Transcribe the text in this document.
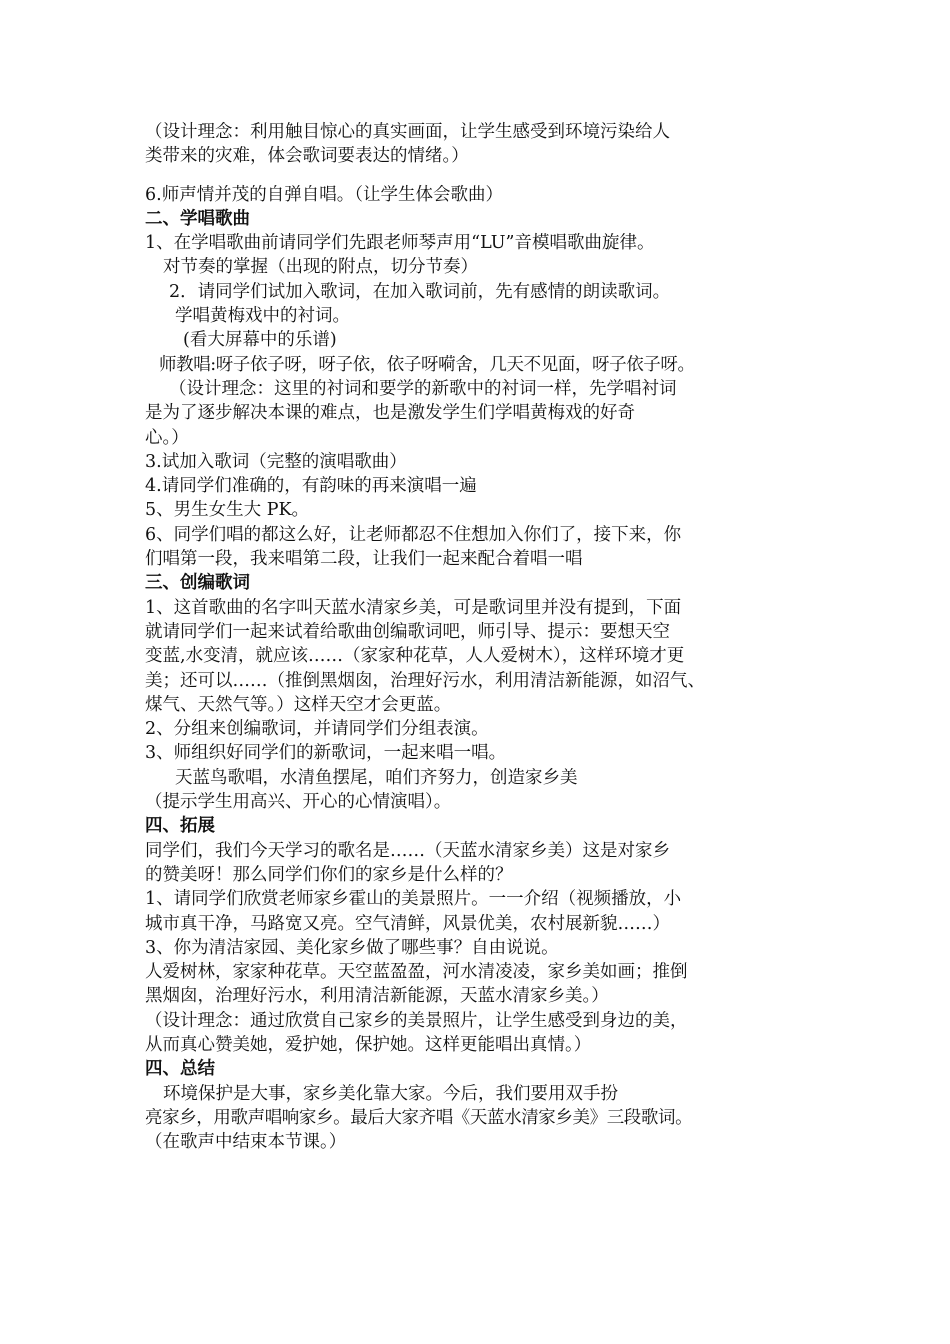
（设计理念：利用触目惊心的真实画面，让学生感受到环境污染给人

类带来的灾难，体会歌词要表达的情绪。）

6.师声情并茂的自弹自唱。（让学生体会歌曲）

二、学唱歌曲

1、在学唱歌曲前请同学们先跟老师琴声用“LU”音模唱歌曲旋律。

对节奏的掌握（出现的附点，切分节奏）

2．请同学们试加入歌词，在加入歌词前，先有感情的朗读歌词。

学唱黄梅戏中的衬词。

(看大屏幕中的乐谱)

师教唱:呀子依子呀，呀子依，依子呀嗬舍，几天不见面，呀子依子呀。

（设计理念：这里的衬词和要学的新歌中的衬词一样，先学唱衬词

是为了逐步解决本课的难点，也是激发学生们学唱黄梅戏的好奇

心。）

3.试加入歌词（完整的演唱歌曲）

4.请同学们准确的，有韵味的再来演唱一遍

5、男生女生大 PK。

6、同学们唱的都这么好，让老师都忍不住想加入你们了，接下来，你

们唱第一段，我来唱第二段，让我们一起来配合着唱一唱

三、创编歌词

1、这首歌曲的名字叫天蓝水清家乡美，可是歌词里并没有提到，下面

就请同学们一起来试着给歌曲创编歌词吧，师引导、提示：要想天空

变蓝,水变清，就应该……（家家种花草，人人爱树木），这样环境才更

美；还可以……（推倒黑烟囱，治理好污水，利用清洁新能源，如沼气、

煤气、天然气等。）这样天空才会更蓝。

2、分组来创编歌词，并请同学们分组表演。

3、师组织好同学们的新歌词，一起来唱一唱。

天蓝鸟歌唱，水清鱼摆尾，咱们齐努力，创造家乡美

（提示学生用高兴、开心的心情演唱）。

四、拓展

同学们，我们今天学习的歌名是……（天蓝水清家乡美）这是对家乡

的赞美呀！那么同学们你们的家乡是什么样的？

1、请同学们欣赏老师家乡霍山的美景照片。一一介绍（视频播放，小

城市真干净，马路宽又亮。空气清鲜，风景优美，农村展新貌……）

3、你为清洁家园、美化家乡做了哪些事？自由说说。

人爱树林，家家种花草。天空蓝盈盈，河水清凌凌，家乡美如画；推倒

黑烟囱，治理好污水，利用清洁新能源，天蓝水清家乡美。）

（设计理念：通过欣赏自己家乡的美景照片，让学生感受到身边的美，

从而真心赞美她，爱护她，保护她。这样更能唱出真情。）

四、总结

环境保护是大事，家乡美化靠大家。今后，我们要用双手扮

亮家乡，用歌声唱响家乡。最后大家齐唱《天蓝水清家乡美》三段歌词。

（在歌声中结束本节课。）
